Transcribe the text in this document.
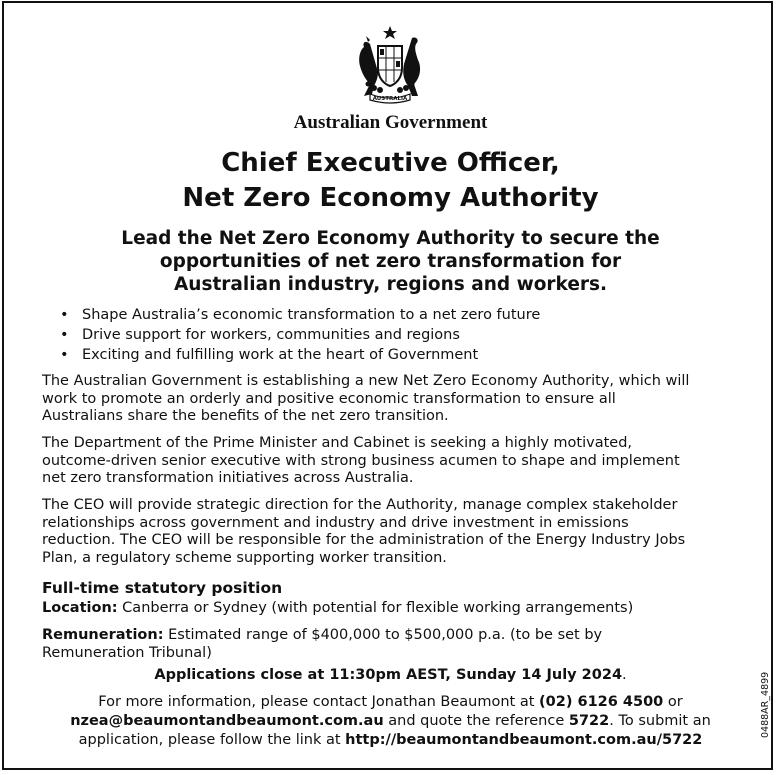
AUSTRALIA
Australian Government
Chief Executive Officer,
Net Zero Economy Authority
Lead the Net Zero Economy Authority to secure the
opportunities of net zero transformation for
Australian industry, regions and workers.
• Shape Australia’s economic transformation to a net zero future
• Drive support for workers, communities and regions
• Exciting and fulfilling work at the heart of Government

The Australian Government is establishing a new Net Zero Economy Authority, which will
work to promote an orderly and positive economic transformation to ensure all
Australians share the benefits of the net zero transition.

The Department of the Prime Minister and Cabinet is seeking a highly motivated,
outcome-driven senior executive with strong business acumen to shape and implement
net zero transformation initiatives across Australia.

The CEO will provide strategic direction for the Authority, manage complex stakeholder
relationships across government and industry and drive investment in emissions
reduction. The CEO will be responsible for the administration of the Energy Industry Jobs
Plan, a regulatory scheme supporting worker transition.

Full-time statutory position
Location: Canberra or Sydney (with potential for flexible working arrangements)
Remuneration: Estimated range of $400,000 to $500,000 p.a. (to be set by
Remuneration Tribunal)
Applications close at 11:30pm AEST, Sunday 14 July 2024.
For more information, please contact Jonathan Beaumont at (02) 6126 4500 or
nzea@beaumontandbeaumont.com.au and quote the reference 5722. To submit an
application, please follow the link at http://beaumontandbeaumont.com.au/5722
0488AR_4899
